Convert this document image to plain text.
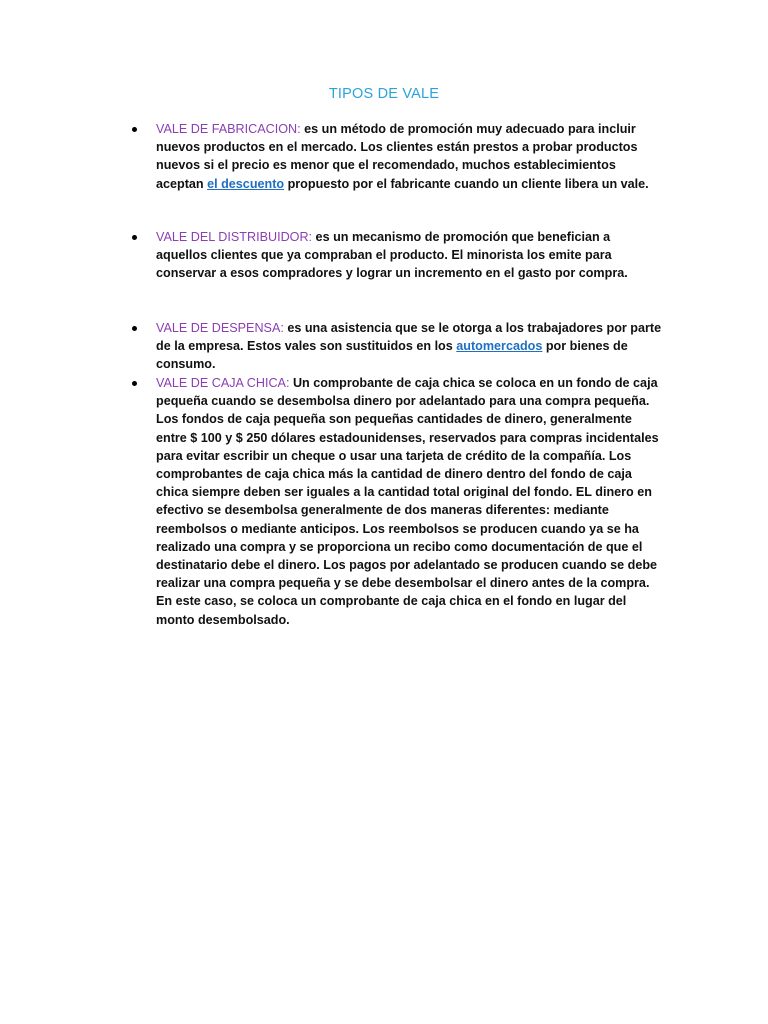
TIPOS DE VALE
VALE DE FABRICACION: es un método de promoción muy adecuado para incluir nuevos productos en el mercado. Los clientes están prestos a probar productos nuevos si el precio es menor que el recomendado, muchos establecimientos aceptan el descuento propuesto por el fabricante cuando un cliente libera un vale.
VALE DEL DISTRIBUIDOR: es un mecanismo de promoción que benefician a aquellos clientes que ya compraban el producto. El minorista los emite para conservar a esos compradores y lograr un incremento en el gasto por compra.
VALE DE DESPENSA: es una asistencia que se le otorga a los trabajadores por parte de la empresa. Estos vales son sustituidos en los automercados por bienes de consumo.
VALE DE CAJA CHICA: Un comprobante de caja chica se coloca en un fondo de caja pequeña cuando se desembolsa dinero por adelantado para una compra pequeña. Los fondos de caja pequeña son pequeñas cantidades de dinero, generalmente entre $ 100 y $ 250 dólares estadounidenses, reservados para compras incidentales para evitar escribir un cheque o usar una tarjeta de crédito de la compañía. Los comprobantes de caja chica más la cantidad de dinero dentro del fondo de caja chica siempre deben ser iguales a la cantidad total original del fondo. EL dinero en efectivo se desembolsa generalmente de dos maneras diferentes: mediante reembolsos o mediante anticipos. Los reembolsos se producen cuando ya se ha realizado una compra y se proporciona un recibo como documentación de que el destinatario debe el dinero. Los pagos por adelantado se producen cuando se debe realizar una compra pequeña y se debe desembolsar el dinero antes de la compra. En este caso, se coloca un comprobante de caja chica en el fondo en lugar del monto desembolsado.
